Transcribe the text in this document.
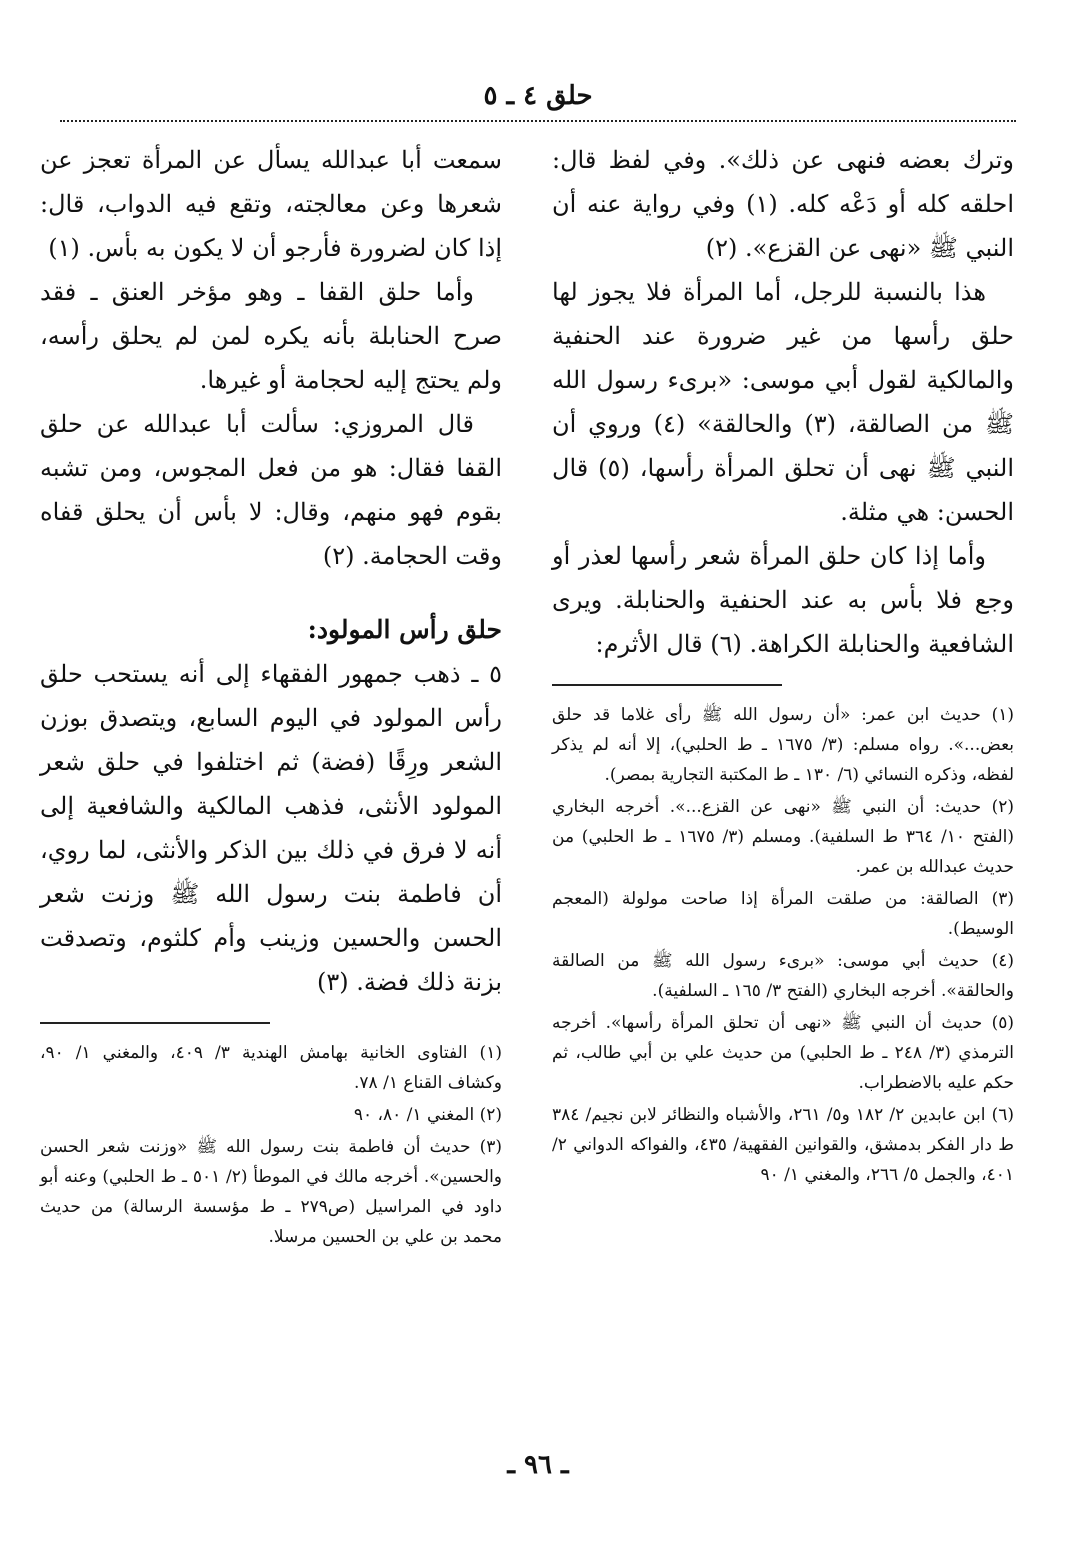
حلق ٤ ـ ٥

وترك بعضه فنهى عن ذلك». وفي لفظ قال: احلقه كله أو دَعْه كله. (١) وفي رواية عنه أن النبي ﷺ «نهى عن القزع». (٢)

هذا بالنسبة للرجل، أما المرأة فلا يجوز لها حلق رأسها من غير ضرورة عند الحنفية والمالكية لقول أبي موسى: «برىء رسول الله ﷺ من الصالقة، (٣) والحالقة» (٤) وروي أن النبي ﷺ نهى أن تحلق المرأة رأسها، (٥) قال الحسن: هي مثلة.

وأما إذا كان حلق المرأة شعر رأسها لعذر أو وجع فلا بأس به عند الحنفية والحنابلة. ويرى الشافعية والحنابلة الكراهة. (٦) قال الأثرم:

(١) حديث ابن عمر: «أن رسول الله ﷺ رأى غلاما قد حلق بعض...». رواه مسلم: (٣/ ١٦٧٥ ـ ط الحلبي)، إلا أنه لم يذكر لفظه، وذكره النسائي (٦/ ١٣٠ ـ ط المكتبة التجارية بمصر).

(٢) حديث: أن النبي ﷺ «نهى عن القزع...». أخرجه البخاري (الفتح ١٠/ ٣٦٤ ط السلفية). ومسلم (٣/ ١٦٧٥ ـ ط الحلبي) من حديث عبدالله بن عمر.

(٣) الصالقة: من صلقت المرأة إذا صاحت مولولة (المعجم الوسيط).

(٤) حديث أبي موسى: «برىء رسول الله ﷺ من الصالقة والحالقة». أخرجه البخاري (الفتح ٣/ ١٦٥ ـ السلفية).

(٥) حديث أن النبي ﷺ «نهى أن تحلق المرأة رأسها». أخرجه الترمذي (٣/ ٢٤٨ ـ ط الحلبي) من حديث علي بن أبي طالب، ثم حكم عليه بالاضطراب.

(٦) ابن عابدين ٢/ ١٨٢ و٥/ ٢٦١، والأشباه والنظائر لابن نجيم/ ٣٨٤ ط دار الفكر بدمشق، والقوانين الفقهية/ ٤٣٥، والفواكه الدواني ٢/ ٤٠١، والجمل ٥/ ٢٦٦، والمغني ١/ ٩٠

سمعت أبا عبدالله يسأل عن المرأة تعجز عن شعرها وعن معالجته، وتقع فيه الدواب، قال: إذا كان لضرورة فأرجو أن لا يكون به بأس. (١)

وأما حلق القفا ـ وهو مؤخر العنق ـ فقد صرح الحنابلة بأنه يكره لمن لم يحلق رأسه، ولم يحتج إليه لحجامة أو غيرها.

قال المروزي: سألت أبا عبدالله عن حلق القفا فقال: هو من فعل المجوس، ومن تشبه بقوم فهو منهم، وقال: لا بأس أن يحلق قفاه وقت الحجامة. (٢)

حلق رأس المولود:

٥ ـ ذهب جمهور الفقهاء إلى أنه يستحب حلق رأس المولود في اليوم السابع، ويتصدق بوزن الشعر ورِقًا (فضة) ثم اختلفوا في حلق شعر المولود الأنثى، فذهب المالكية والشافعية إلى أنه لا فرق في ذلك بين الذكر والأنثى، لما روي، أن فاطمة بنت رسول الله ﷺ وزنت شعر الحسن والحسين وزينب وأم كلثوم، وتصدقت بزنة ذلك فضة. (٣)

(١) الفتاوى الخانية بهامش الهندية ٣/ ٤٠٩، والمغني ١/ ٩٠، وكشاف القناع ١/ ٧٨.

(٢) المغني ١/ ٨٠، ٩٠

(٣) حديث أن فاطمة بنت رسول الله ﷺ «وزنت شعر الحسن والحسين». أخرجه مالك في الموطأ (٢/ ٥٠١ ـ ط الحلبي) وعنه أبو داود في المراسيل (ص٢٧٩ ـ ط مؤسسة الرسالة) من حديث محمد بن علي بن الحسين مرسلا.

ـ ٩٦ ـ
